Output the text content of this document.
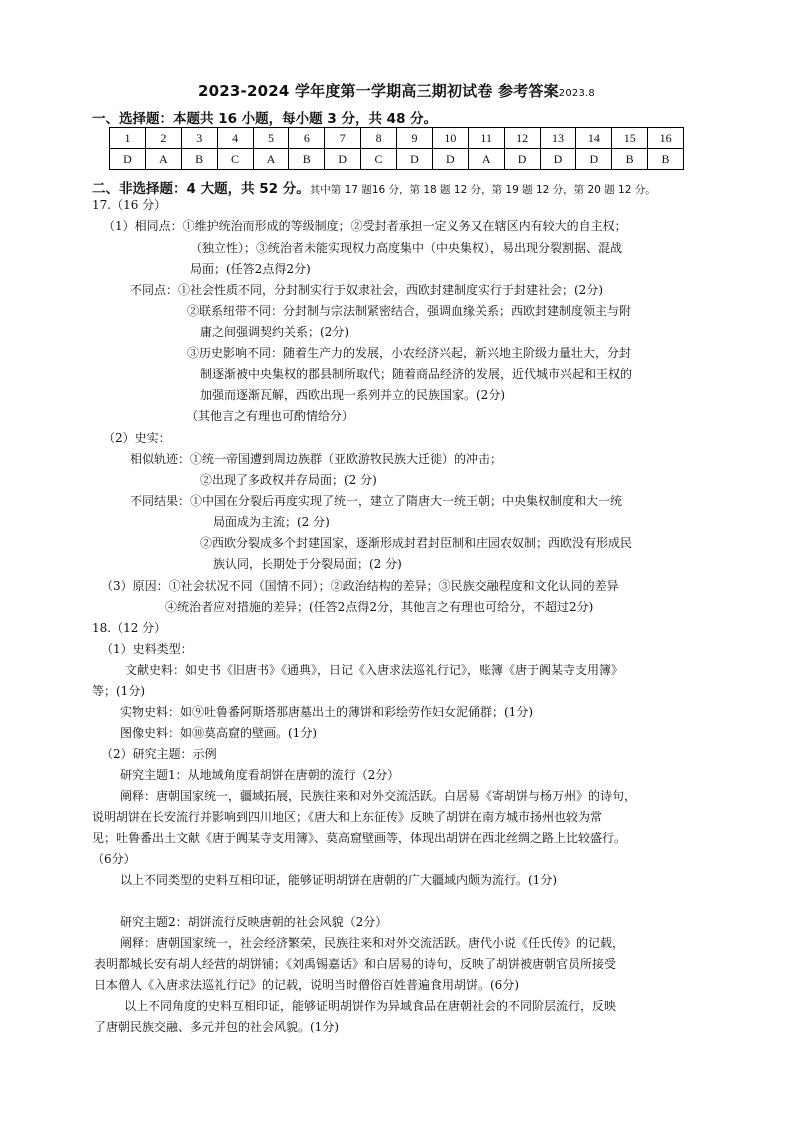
2023-2024 学年度第一学期高三期初试卷 参考答案2023.8
一、选择题：本题共 16 小题，每小题 3 分，共 48 分。
1	2	3	4	5	6	7	8	9	10	11	12	13	14	15	16
D	A	B	C	A	B	D	C	D	D	A	D	D	D	B	B
二、非选择题：4 大题，共 52 分。其中第 17 题16 分，第 18 题 12 分，第 19 题 12 分，第 20 题 12 分。
17.（16 分）
（1）相同点：①维护统治而形成的等级制度；②受封者承担一定义务又在辖区内有较大的自主权；
（独立性）；③统治者未能实现权力高度集中（中央集权），易出现分裂割据、混战
局面；(任答2点得2分)
不同点：①社会性质不同，分封制实行于奴隶社会，西欧封建制度实行于封建社会；(2分)
②联系纽带不同：分封制与宗法制紧密结合，强调血缘关系；西欧封建制度领主与附
庸之间强调契约关系；(2分)
③历史影响不同：随着生产力的发展，小农经济兴起，新兴地主阶级力量壮大，分封
制逐渐被中央集权的郡县制所取代；随着商品经济的发展，近代城市兴起和王权的
加强而逐渐瓦解，西欧出现一系列并立的民族国家。(2分)
（其他言之有理也可酌情给分）
（2）史实：
相似轨迹：①统一帝国遭到周边族群（亚欧游牧民族大迁徙）的冲击；
②出现了多政权并存局面；(2 分)
不同结果：①中国在分裂后再度实现了统一，建立了隋唐大一统王朝；中央集权制度和大一统
局面成为主流；(2 分)
②西欧分裂成多个封建国家，逐渐形成封君封臣制和庄园农奴制；西欧没有形成民
族认同，长期处于分裂局面；(2 分)
（3）原因：①社会状况不同（国情不同）；②政治结构的差异；③民族交融程度和文化认同的差异
④统治者应对措施的差异；(任答2点得2分，其他言之有理也可给分，不超过2分)
18.（12 分）
（1）史料类型：
文献史料：如史书《旧唐书》《通典》，日记《入唐求法巡礼行记》，账簿《唐于阗某寺支用簿》
等；(1分)
实物史料：如⑨吐鲁番阿斯塔那唐墓出土的薄饼和彩绘劳作妇女泥俑群；(1分)
图像史料：如⑩莫高窟的壁画。(1分)
（2）研究主题：示例
研究主题1：从地域角度看胡饼在唐朝的流行（2分）
阐释：唐朝国家统一，疆域拓展，民族往来和对外交流活跃。白居易《寄胡饼与杨万州》的诗句，
说明胡饼在长安流行并影响到四川地区；《唐大和上东征传》反映了胡饼在南方城市扬州也较为常
见；吐鲁番出土文献《唐于阗某寺支用簿》、莫高窟壁画等，体现出胡饼在西北丝绸之路上比较盛行。
（6分）
以上不同类型的史料互相印证，能够证明胡饼在唐朝的广大疆域内颇为流行。(1分)
研究主题2：胡饼流行反映唐朝的社会风貌（2分）
阐释：唐朝国家统一，社会经济繁荣，民族往来和对外交流活跃。唐代小说《任氏传》的记载，
表明都城长安有胡人经营的胡饼铺；《刘禹锡嘉话》和白居易的诗句，反映了胡饼被唐朝官员所接受
日本僧人《入唐求法巡礼行记》的记载，说明当时僧俗百姓普遍食用胡饼。(6分)
以上不同角度的史料互相印证，能够证明胡饼作为异域食品在唐朝社会的不同阶层流行，反映
了唐朝民族交融、多元并包的社会风貌。(1分)
